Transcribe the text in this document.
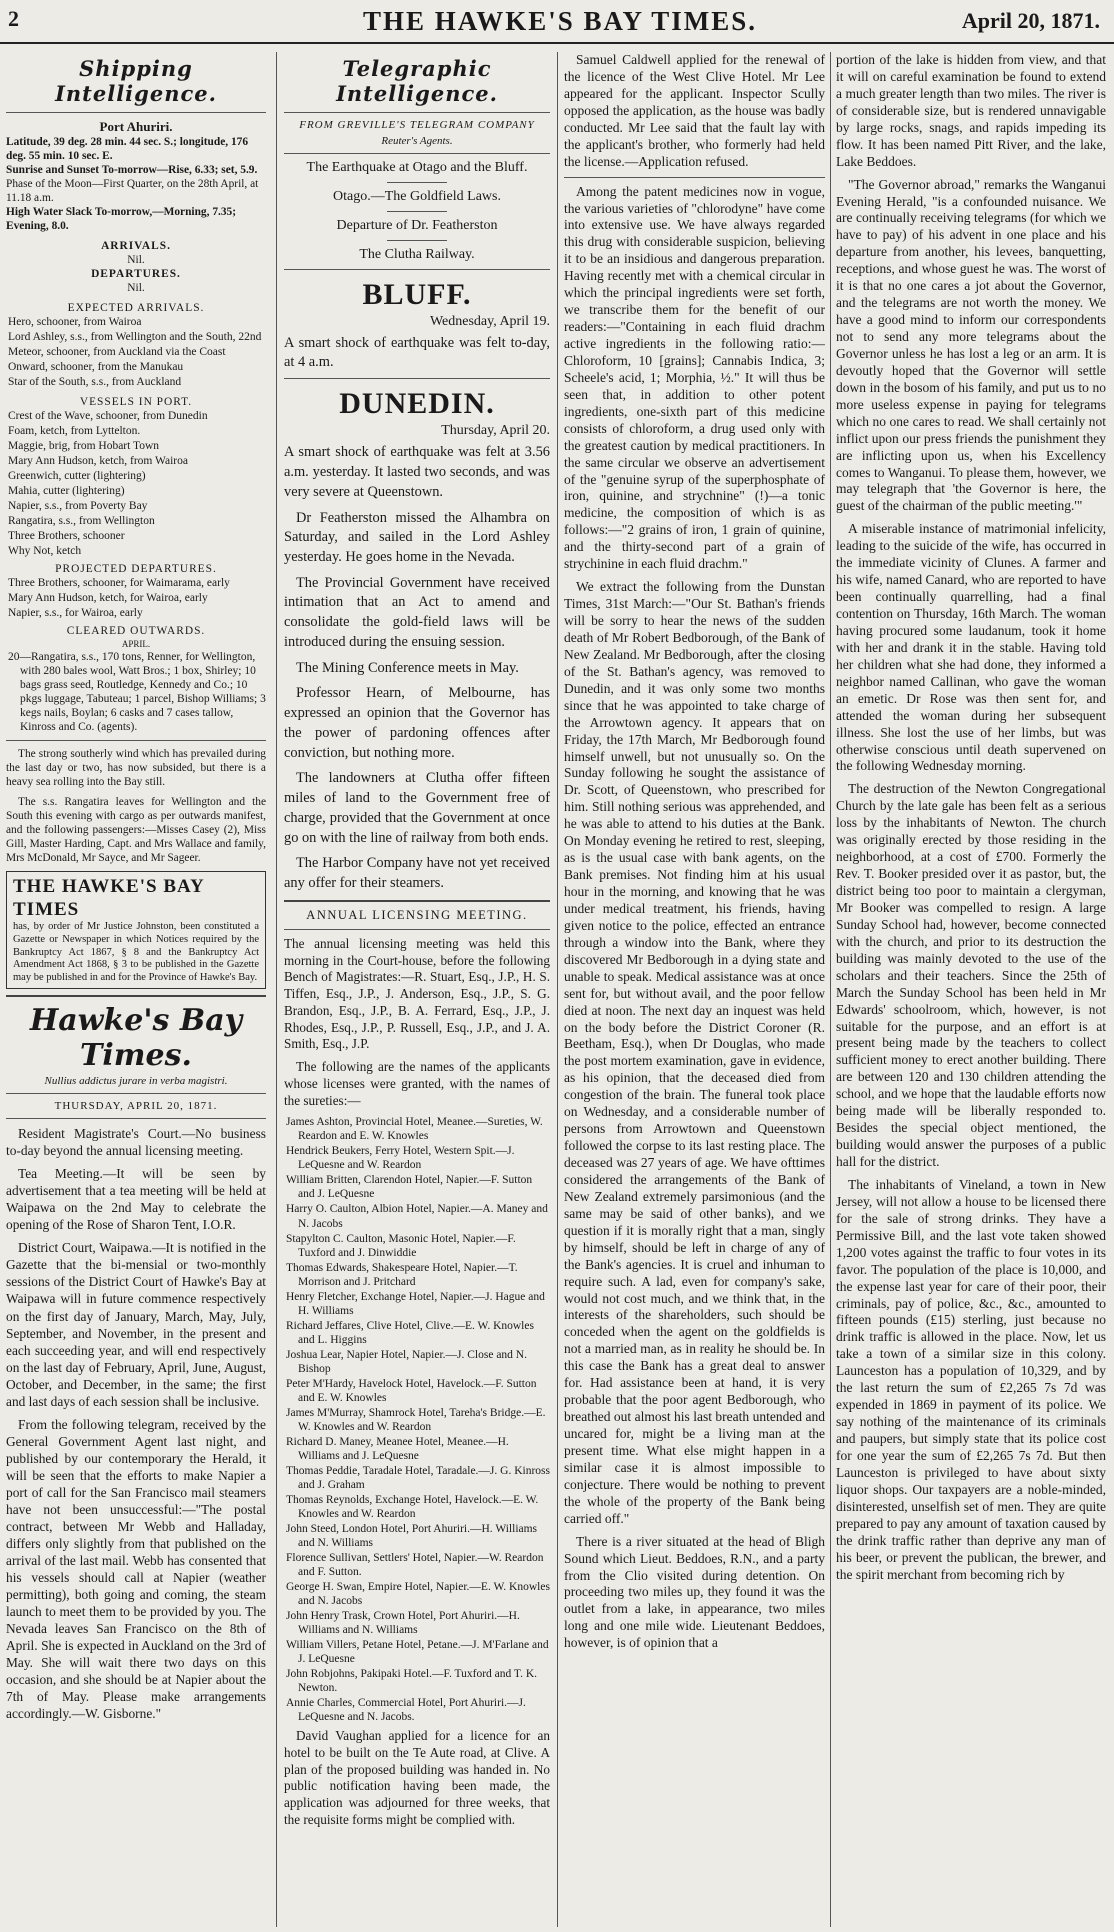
2	THE HAWKE'S BAY TIMES.	April 20, 1871.
Shipping Intelligence.
Port Ahuriri.
Latitude, 39 deg. 28 min. 44 sec. S.; longitude, 176 deg. 55 min. 10 sec. E.
Sunrise and Sunset To-morrow—Rise, 6.33; set, 5.9.
Phase of the Moon—First Quarter, on the 28th April, at 11.18 a.m.
High Water Slack To-morrow,—Morning, 7.35; Evening, 8.0.
ARRIVALS.
Nil.
DEPARTURES.
Nil.
EXPECTED ARRIVALS.
Hero, schooner, from Wairoa
Lord Ashley, s.s., from Wellington and the South, 22nd
Meteor, schooner, from Auckland via the Coast
Onward, schooner, from the Manukau
Star of the South, s.s., from Auckland
VESSELS IN PORT.
Crest of the Wave, schooner, from Dunedin
Foam, ketch, from Lyttelton.
Maggie, brig, from Hobart Town
Mary Ann Hudson, ketch, from Wairoa
Greenwich, cutter (lightering)
Mahia, cutter (lightering)
Napier, s.s., from Poverty Bay
Rangatira, s.s., from Wellington
Three Brothers, schooner
Why Not, ketch
PROJECTED DEPARTURES.
Three Brothers, schooner, for Waimarama, early
Mary Ann Hudson, ketch, for Wairoa, early
Napier, s.s., for Wairoa, early
CLEARED OUTWARDS.
APRIL.
20—Rangatira, s.s., 170 tons, Renner, for Wellington, with 280 bales wool, Watt Bros.; 1 box, Shirley; 10 bags grass seed, Routledge, Kennedy and Co.; 10 pkgs luggage, Tabuteau; 1 parcel, Bishop Williams; 3 kegs nails, Boylan; 6 casks and 7 cases tallow, Kinross and Co. (agents).
The strong southerly wind which has prevailed during the last day or two, has now subsided, but there is a heavy sea rolling into the Bay still.
The s.s. Rangatira leaves for Wellington and the South this evening with cargo as per outwards manifest, and the following passengers:—Misses Casey (2), Miss Gill, Master Harding, Capt. and Mrs Wallace and family, Mrs McDonald, Mr Sayce, and Mr Sageer.
THE HAWKE'S BAY TIMES
has, by order of Mr Justice Johnston, been constituted a Gazette or Newspaper in which Notices required by the Bankruptcy Act 1867, § 8 and the Bankruptcy Act Amendment Act 1868, § 3 to be published in the Gazette may be published in and for the Province of Hawke's Bay.
Hawke's Bay Times.
Nullius addictus jurare in verba magistri.
THURSDAY, APRIL 20, 1871.
Resident Magistrate's Court.—No business to-day beyond the annual licensing meeting.
Tea Meeting.—It will be seen by advertisement that a tea meeting will be held at Waipawa on the 2nd May to celebrate the opening of the Rose of Sharon Tent, I.O.R.
District Court, Waipawa.—It is notified in the Gazette that the bi-mensial or two-monthly sessions of the District Court of Hawke's Bay at Waipawa will in future commence respectively on the first day of January, March, May, July, September, and November, in the present and each succeeding year, and will end respectively on the last day of February, April, June, August, October, and December, in the same; the first and last days of each session shall be inclusive.
From the following telegram, received by the General Government Agent last night, and published by our contemporary the Herald, it will be seen that the efforts to make Napier a port of call for the San Francisco mail steamers have not been unsuccessful:—"The postal contract, between Mr Webb and Halladay, differs only slightly from that published on the arrival of the last mail. Webb has consented that his vessels should call at Napier (weather permitting), both going and coming, the steam launch to meet them to be provided by you. The Nevada leaves San Francisco on the 8th of April. She is expected in Auckland on the 3rd of May. She will wait there two days on this occasion, and she should be at Napier about the 7th of May. Please make arrangements accordingly.—W. Gisborne."
Telegraphic Intelligence.
FROM GREVILLE'S TELEGRAM COMPANY
Reuter's Agents.
The Earthquake at Otago and the Bluff.
Otago.—The Goldfield Laws.
Departure of Dr. Featherston
The Clutha Railway.
BLUFF.
Wednesday, April 19.
A smart shock of earthquake was felt to-day, at 4 a.m.
DUNEDIN.
Thursday, April 20.
A smart shock of earthquake was felt at 3.56 a.m. yesterday. It lasted two seconds, and was very severe at Queenstown.
Dr Featherston missed the Alhambra on Saturday, and sailed in the Lord Ashley yesterday. He goes home in the Nevada.
The Provincial Government have received intimation that an Act to amend and consolidate the gold-field laws will be introduced during the ensuing session.
The Mining Conference meets in May.
Professor Hearn, of Melbourne, has expressed an opinion that the Governor has the power of pardoning offences after conviction, but nothing more.
The landowners at Clutha offer fifteen miles of land to the Government free of charge, provided that the Government at once go on with the line of railway from both ends.
The Harbor Company have not yet received any offer for their steamers.
ANNUAL LICENSING MEETING.
The annual licensing meeting was held this morning in the Court-house, before the following Bench of Magistrates:—R. Stuart, Esq., J.P., H. S. Tiffen, Esq., J.P., J. Anderson, Esq., J.P., S. G. Brandon, Esq., J.P., B. A. Ferrard, Esq., J.P., J. Rhodes, Esq., J.P., P. Russell, Esq., J.P., and J. A. Smith, Esq., J.P.
The following are the names of the applicants whose licenses were granted, with the names of the sureties:—
James Ashton, Provincial Hotel, Meanee.—Sureties, W. Reardon and E. W. Knowles
Hendrick Beukers, Ferry Hotel, Western Spit.—J. LeQuesne and W. Reardon
William Britten, Clarendon Hotel, Napier.—F. Sutton and J. LeQuesne
Harry O. Caulton, Albion Hotel, Napier.—A. Maney and N. Jacobs
Stapylton C. Caulton, Masonic Hotel, Napier.—F. Tuxford and J. Dinwiddie
Thomas Edwards, Shakespeare Hotel, Napier.—T. Morrison and J. Pritchard
Henry Fletcher, Exchange Hotel, Napier.—J. Hague and H. Williams
Richard Jeffares, Clive Hotel, Clive.—E. W. Knowles and L. Higgins
Joshua Lear, Napier Hotel, Napier.—J. Close and N. Bishop
Peter M'Hardy, Havelock Hotel, Havelock.—F. Sutton and E. W. Knowles
James M'Murray, Shamrock Hotel, Tareha's Bridge.—E. W. Knowles and W. Reardon
Richard D. Maney, Meanee Hotel, Meanee.—H. Williams and J. LeQuesne
Thomas Peddie, Taradale Hotel, Taradale.—J. G. Kinross and J. Graham
Thomas Reynolds, Exchange Hotel, Havelock.—E. W. Knowles and W. Reardon
John Steed, London Hotel, Port Ahuriri.—H. Williams and N. Williams
Florence Sullivan, Settlers' Hotel, Napier.—W. Reardon and F. Sutton.
George H. Swan, Empire Hotel, Napier.—E. W. Knowles and N. Jacobs
John Henry Trask, Crown Hotel, Port Ahuriri.—H. Williams and N. Williams
William Villers, Petane Hotel, Petane.—J. M'Farlane and J. LeQuesne
John Robjohns, Pakipaki Hotel.—F. Tuxford and T. K. Newton.
Annie Charles, Commercial Hotel, Port Ahuriri.—J. LeQuesne and N. Jacobs.
David Vaughan applied for a licence for an hotel to be built on the Te Aute road, at Clive. A plan of the proposed building was handed in. No public notification having been made, the application was adjourned for three weeks, that the requisite forms might be complied with.
Samuel Caldwell applied for the renewal of the licence of the West Clive Hotel. Mr Lee appeared for the applicant. Inspector Scully opposed the application, as the house was badly conducted. Mr Lee said that the fault lay with the applicant's brother, who formerly had held the license.—Application refused.
Among the patent medicines now in vogue, the various varieties of "chlorodyne" have come into extensive use. We have always regarded this drug with considerable suspicion, believing it to be an insidious and dangerous preparation. Having recently met with a chemical circular in which the principal ingredients were set forth, we transcribe them for the benefit of our readers:—"Containing in each fluid drachm active ingredients in the following ratio:—Chloroform, 10 [grains]; Cannabis Indica, 3; Scheele's acid, 1; Morphia, ½." It will thus be seen that, in addition to other potent ingredients, one-sixth part of this medicine consists of chloroform, a drug used only with the greatest caution by medical practitioners. In the same circular we observe an advertisement of the "genuine syrup of the superphosphate of iron, quinine, and strychnine" (!)—a tonic medicine, the composition of which is as follows:—"2 grains of iron, 1 grain of quinine, and the thirty-second part of a grain of strychinine in each fluid drachm."
We extract the following from the Dunstan Times, 31st March:—"Our St. Bathan's friends will be sorry to hear the news of the sudden death of Mr Robert Bedborough, of the Bank of New Zealand. Mr Bedborough, after the closing of the St. Bathan's agency, was removed to Dunedin, and it was only some two months since that he was appointed to take charge of the Arrowtown agency. It appears that on Friday, the 17th March, Mr Bedborough found himself unwell, but not unusually so. On the Sunday following he sought the assistance of Dr. Scott, of Queenstown, who prescribed for him. Still nothing serious was apprehended, and he was able to attend to his duties at the Bank. On Monday evening he retired to rest, sleeping, as is the usual case with bank agents, on the Bank premises. Not finding him at his usual hour in the morning, and knowing that he was under medical treatment, his friends, having given notice to the police, effected an entrance through a window into the Bank, where they discovered Mr Bedborough in a dying state and unable to speak. Medical assistance was at once sent for, but without avail, and the poor fellow died at noon. The next day an inquest was held on the body before the District Coroner (R. Beetham, Esq.), when Dr Douglas, who made the post mortem examination, gave in evidence, as his opinion, that the deceased died from congestion of the brain. The funeral took place on Wednesday, and a considerable number of persons from Arrowtown and Queenstown followed the corpse to its last resting place. The deceased was 27 years of age. We have ofttimes considered the arrangements of the Bank of New Zealand extremely parsimonious (and the same may be said of other banks), and we question if it is morally right that a man, singly by himself, should be left in charge of any of the Bank's agencies. It is cruel and inhuman to require such. A lad, even for company's sake, would not cost much, and we think that, in the interests of the shareholders, such should be conceded when the agent on the goldfields is not a married man, as in reality he should be. In this case the Bank has a great deal to answer for. Had assistance been at hand, it is very probable that the poor agent Bedborough, who breathed out almost his last breath untended and uncared for, might be a living man at the present time. What else might happen in a similar case it is almost impossible to conjecture. There would be nothing to prevent the whole of the property of the Bank being carried off."
There is a river situated at the head of Bligh Sound which Lieut. Beddoes, R.N., and a party from the Clio visited during detention. On proceeding two miles up, they found it was the outlet from a lake, in appearance, two miles long and one mile wide. Lieutenant Beddoes, however, is of opinion that a
portion of the lake is hidden from view, and that it will on careful examination be found to extend a much greater length than two miles. The river is of considerable size, but is rendered unnavigable by large rocks, snags, and rapids impeding its flow. It has been named Pitt River, and the lake, Lake Beddoes.
"The Governor abroad," remarks the Wanganui Evening Herald, "is a confounded nuisance. We are continually receiving telegrams (for which we have to pay) of his advent in one place and his departure from another, his levees, banquetting, receptions, and whose guest he was. The worst of it is that no one cares a jot about the Governor, and the telegrams are not worth the money. We have a good mind to inform our correspondents not to send any more telegrams about the Governor unless he has lost a leg or an arm. It is devoutly hoped that the Governor will settle down in the bosom of his family, and put us to no more useless expense in paying for telegrams which no one cares to read. We shall certainly not inflict upon our press friends the punishment they are inflicting upon us, when his Excellency comes to Wanganui. To please them, however, we may telegraph that 'the Governor is here, the guest of the chairman of the public meeting.'"
A miserable instance of matrimonial infelicity, leading to the suicide of the wife, has occurred in the immediate vicinity of Clunes. A farmer and his wife, named Canard, who are reported to have been continually quarrelling, had a final contention on Thursday, 16th March. The woman having procured some laudanum, took it home with her and drank it in the stable. Having told her children what she had done, they informed a neighbor named Callinan, who gave the woman an emetic. Dr Rose was then sent for, and attended the woman during her subsequent illness. She lost the use of her limbs, but was otherwise conscious until death supervened on the following Wednesday morning.
The destruction of the Newton Congregational Church by the late gale has been felt as a serious loss by the inhabitants of Newton. The church was originally erected by those residing in the neighborhood, at a cost of £700. Formerly the Rev. T. Booker presided over it as pastor, but, the district being too poor to maintain a clergyman, Mr Booker was compelled to resign. A large Sunday School had, however, become connected with the church, and prior to its destruction the building was mainly devoted to the use of the scholars and their teachers. Since the 25th of March the Sunday School has been held in Mr Edwards' schoolroom, which, however, is not suitable for the purpose, and an effort is at present being made by the teachers to collect sufficient money to erect another building. There are between 120 and 130 children attending the school, and we hope that the laudable efforts now being made will be liberally responded to. Besides the special object mentioned, the building would answer the purposes of a public hall for the district.
The inhabitants of Vineland, a town in New Jersey, will not allow a house to be licensed there for the sale of strong drinks. They have a Permissive Bill, and the last vote taken showed 1,200 votes against the traffic to four votes in its favor. The population of the place is 10,000, and the expense last year for care of their poor, their criminals, pay of police, &c., &c., amounted to fifteen pounds (£15) sterling, just because no drink traffic is allowed in the place. Now, let us take a town of a similar size in this colony. Launceston has a population of 10,329, and by the last return the sum of £2,265 7s 7d was expended in 1869 in payment of its police. We say nothing of the maintenance of its criminals and paupers, but simply state that its police cost for one year the sum of £2,265 7s 7d. But then Launceston is privileged to have about sixty liquor shops. Our taxpayers are a noble-minded, disinterested, unselfish set of men. They are quite prepared to pay any amount of taxation caused by the drink traffic rather than deprive any man of his beer, or prevent the publican, the brewer, and the spirit merchant from becoming rich by
